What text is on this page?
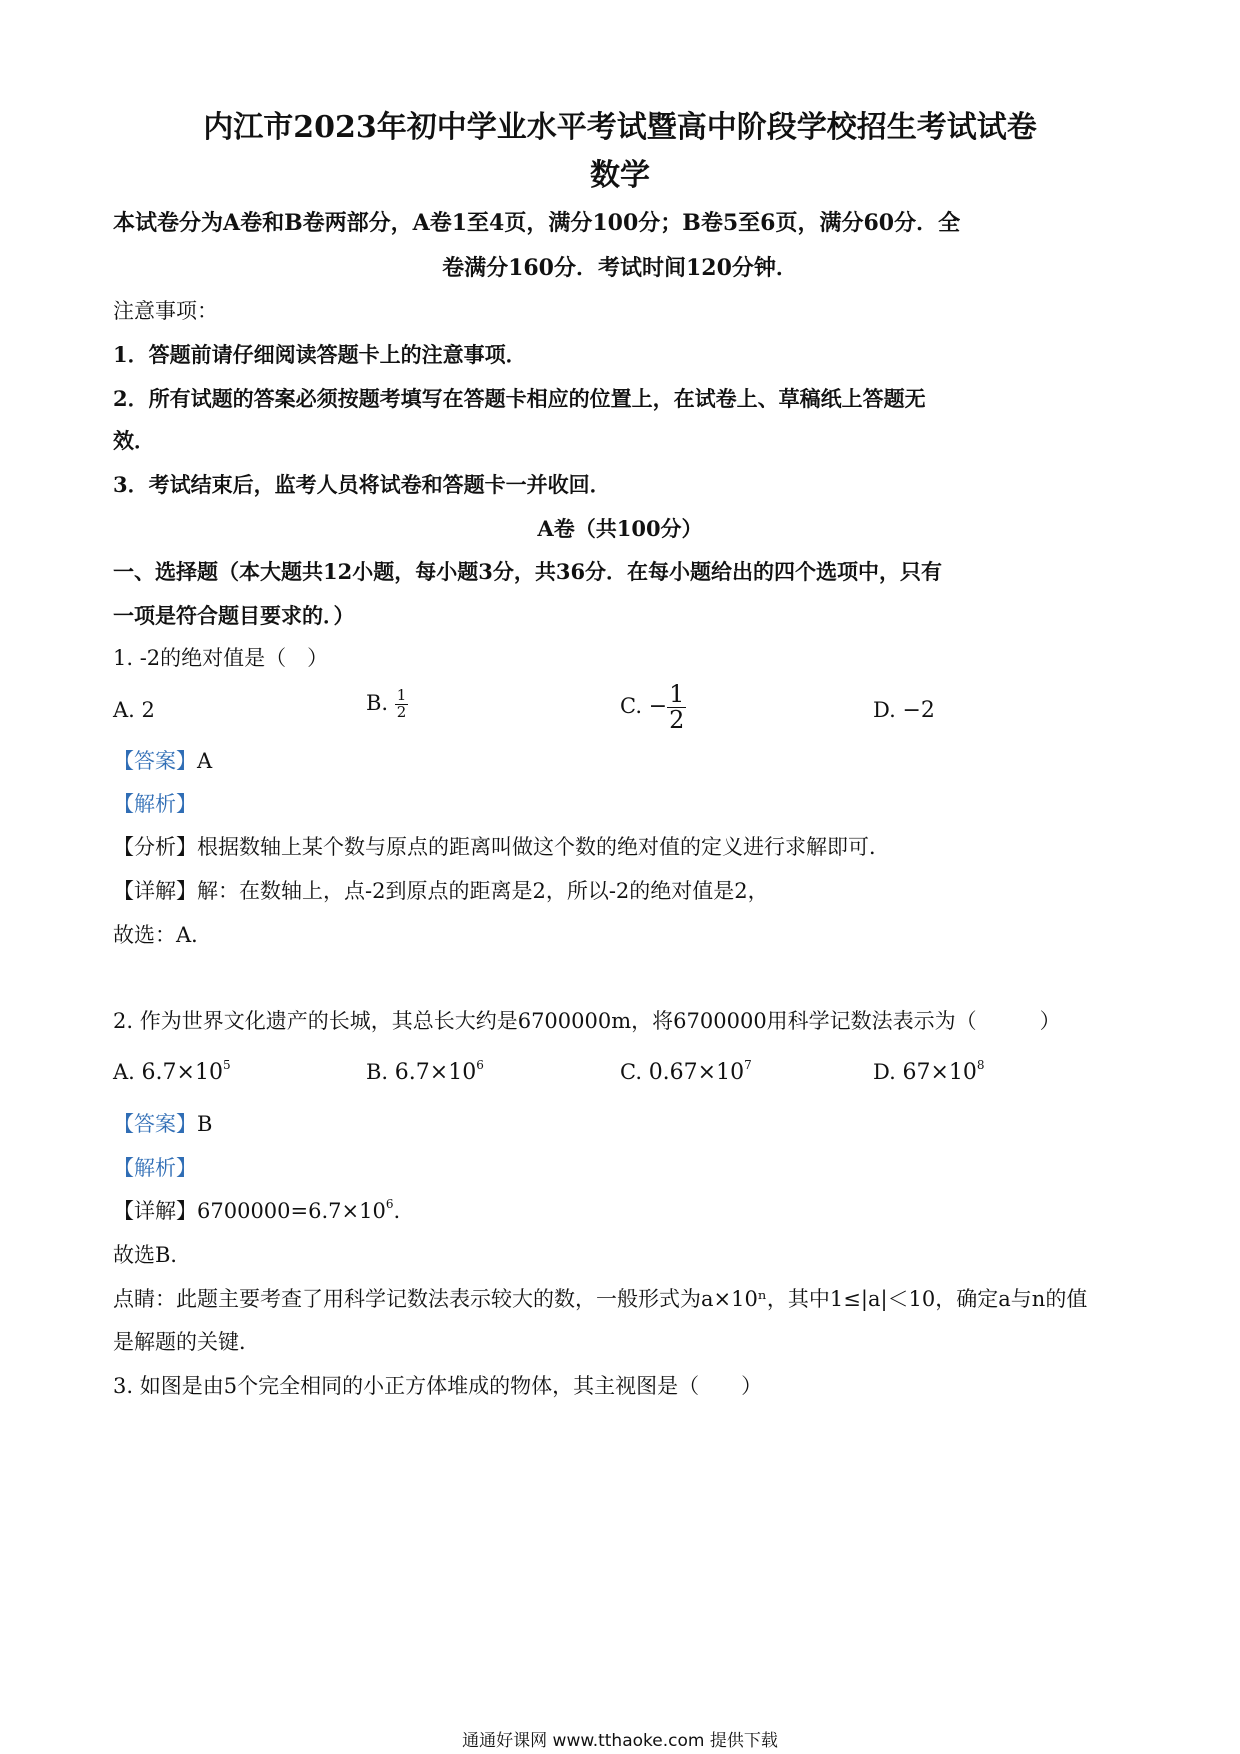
内江市2023年初中学业水平考试暨高中阶段学校招生考试试卷
数学
本试卷分为A卷和B卷两部分，A卷1至4页，满分100分；B卷5至6页，满分60分．全
卷满分160分．考试时间120分钟．
注意事项：
1．答题前请仔细阅读答题卡上的注意事项．
2．所有试题的答案必须按题考填写在答题卡相应的位置上，在试卷上、草稿纸上答题无
效．
3．考试结束后，监考人员将试卷和答题卡一并收回．
A卷（共100分）
一、选择题（本大题共12小题，每小题3分，共36分．在每小题给出的四个选项中，只有
一项是符合题目要求的．）
1. -2的绝对值是（　）
A. 2	B. $\frac{1}{2}$	C. − $\frac{1}{2}$	D. −2
【答案】A
【解析】
【分析】根据数轴上某个数与原点的距离叫做这个数的绝对值的定义进行求解即可．
【详解】解：在数轴上，点-2到原点的距离是2，所以-2的绝对值是2，
故选：A．
2. 作为世界文化遗产的长城，其总长大约是6700000m，将6700000用科学记数法表示为（　　　）
A. $6.7\times 10^5$	B. $6.7\times 10^6$	C. $0.67\times 10^7$	D. $67\times 10^8$
【答案】B
【解析】
【详解】$6700000=6.7\times 10^6$.
故选B．
点睛：此题主要考查了用科学记数法表示较大的数，一般形式为a×10ⁿ，其中1≤|a|＜10，确定a与n的值
是解题的关键．
3. 如图是由5个完全相同的小正方体堆成的物体，其主视图是（　　）
通通好课网 www.tthaoke.com 提供下载
